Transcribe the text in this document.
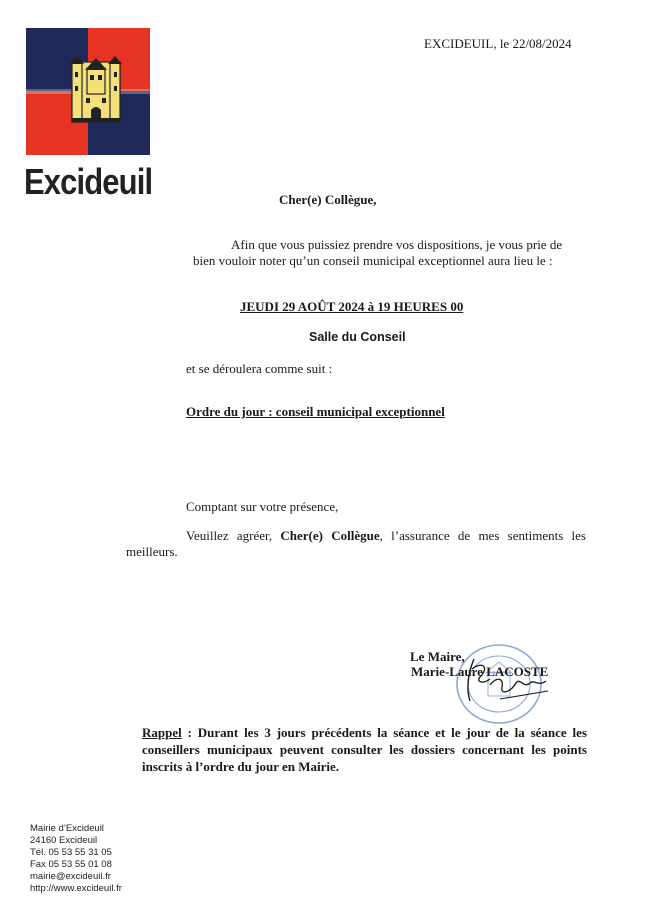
Excideuil
EXCIDEUIL, le 22/08/2024
Cher(e) Collègue,
Afin que vous puissiez prendre vos dispositions, je vous prie de
bien vouloir noter qu’un conseil municipal exceptionnel aura lieu le :
JEUDI 29 AOÛT 2024 à 19 HEURES 00
Salle du Conseil
et se déroulera comme suit :
Ordre du jour : conseil municipal exceptionnel
Comptant sur votre présence,
Veuillez agréer, Cher(e) Collègue, l’assurance de mes sentiments les
meilleurs.
Le Maire,
Marie-Laure LACOSTE
Rappel : Durant les 3 jours précédents la séance et le jour de la séance les
conseillers municipaux peuvent consulter les dossiers concernant les points
inscrits à l’ordre du jour en Mairie.
Mairie d’Excideuil
24160 Excideuil
Tél. 05 53 55 31 05
Fax 05 53 55 01 08
mairie@excideuil.fr
http://www.excideuil.fr
